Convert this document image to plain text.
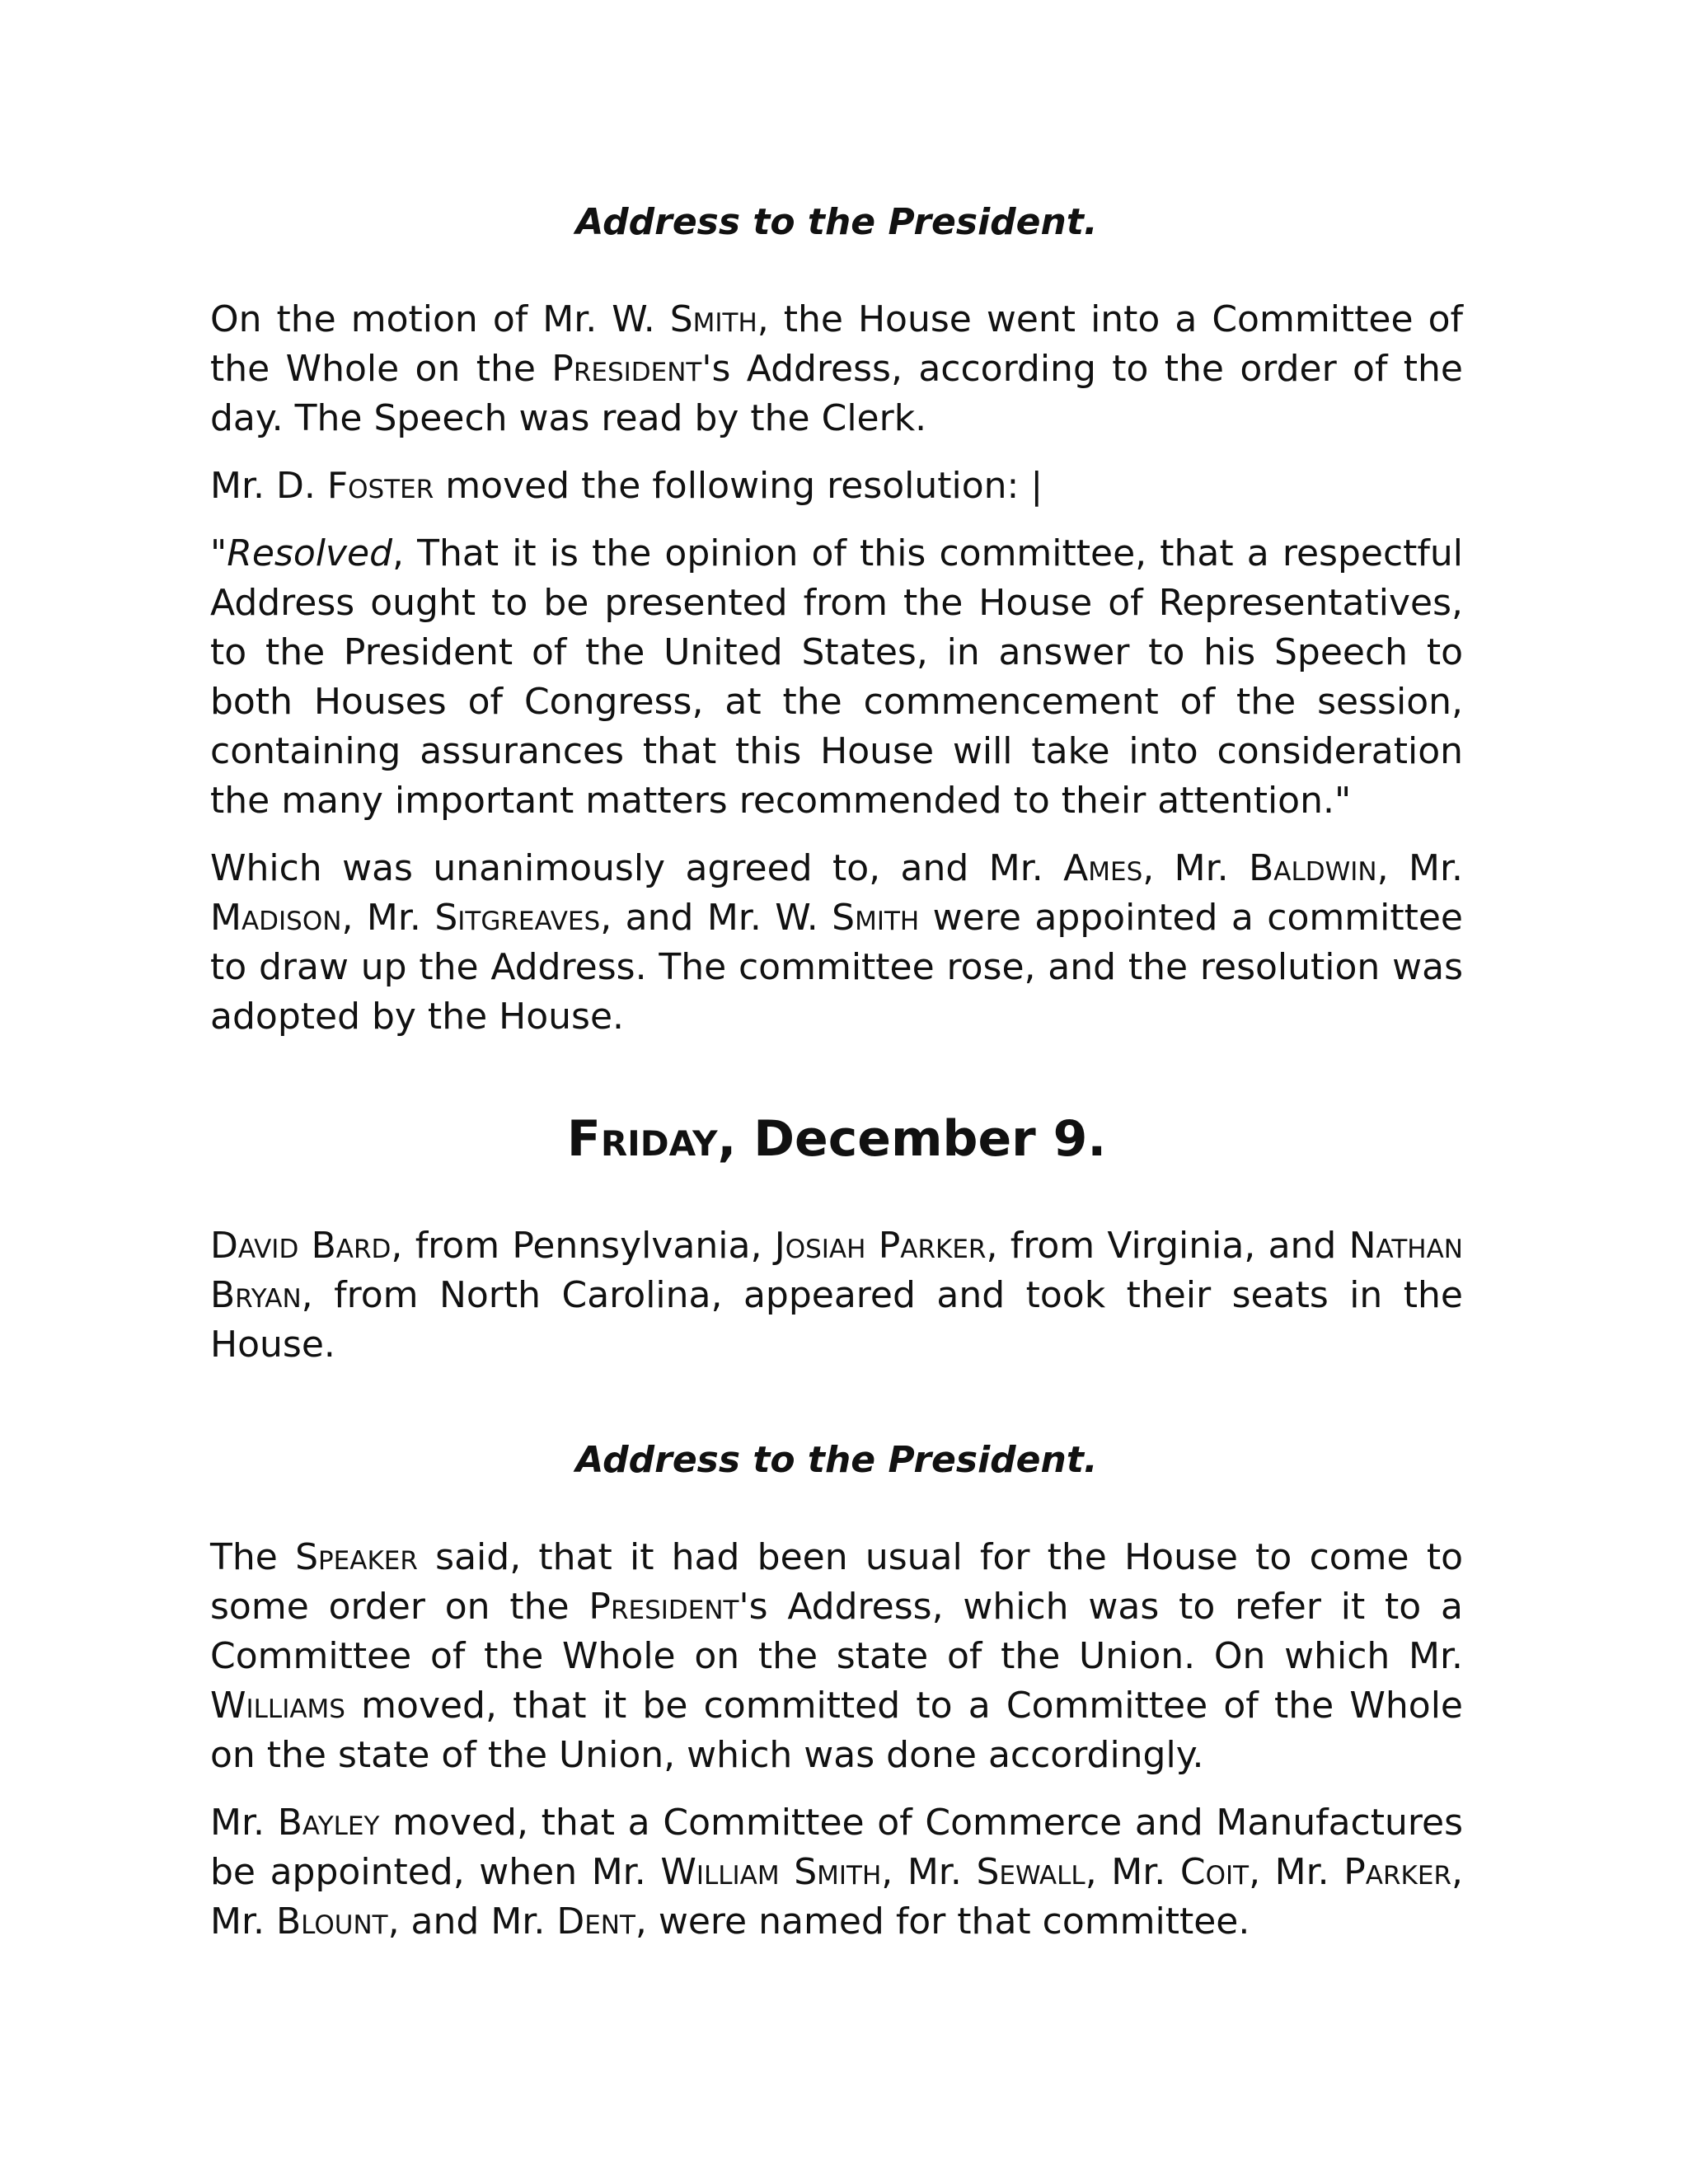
Address to the President.

On the motion of Mr. W. Smith, the House went into a Committee of the Whole on the President's Address, according to the order of the day. The Speech was read by the Clerk.

Mr. D. Foster moved the following resolution: |

"Resolved, That it is the opinion of this committee, that a respectful Address ought to be presented from the House of Representatives, to the President of the United States, in answer to his Speech to both Houses of Congress, at the commencement of the session, containing assurances that this House will take into consideration the many important matters recommended to their attention."

Which was unanimously agreed to, and Mr. Ames, Mr. Baldwin, Mr. Madison, Mr. Sitgreaves, and Mr. W. Smith were appointed a committee to draw up the Address. The committee rose, and the resolution was adopted by the House.

Friday, December 9.

David Bard, from Pennsylvania, Josiah Parker, from Virginia, and Nathan Bryan, from North Carolina, appeared and took their seats in the House.

Address to the President.

The Speaker said, that it had been usual for the House to come to some order on the President's Address, which was to refer it to a Committee of the Whole on the state of the Union. On which Mr. Williams moved, that it be committed to a Committee of the Whole on the state of the Union, which was done accordingly.

Mr. Bayley moved, that a Committee of Commerce and Manufactures be appointed, when Mr. William Smith, Mr. Sewall, Mr. Coit, Mr. Parker, Mr. Blount, and Mr. Dent, were named for that committee.
